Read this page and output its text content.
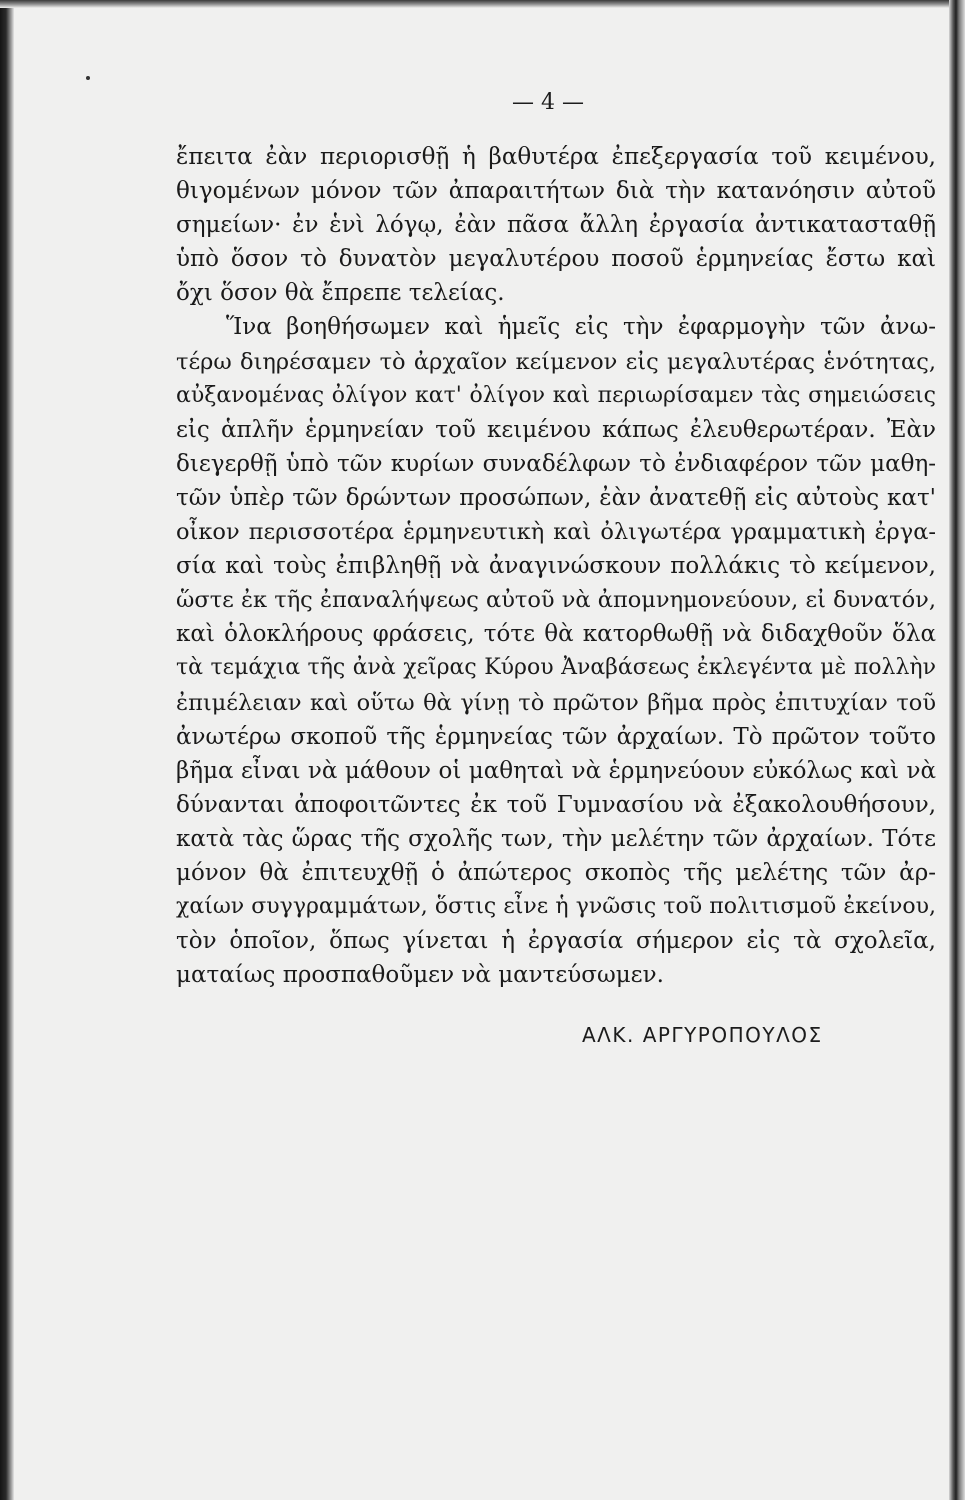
— 4 —
ἔπειτα ἐὰν περιορισθῇ ἡ βαθυτέρα ἐπεξεργασία τοῦ κειμένου,
θιγομένων μόνον τῶν ἀπαραιτήτων διὰ τὴν κατανόησιν αὐτοῦ
σημείων· ἐν ἑνὶ λόγῳ, ἐὰν πᾶσα ἄλλη ἐργασία ἀντικατασταθῇ
ὑπὸ ὅσον τὸ δυνατὸν μεγαλυτέρου ποσοῦ ἑρμηνείας ἔστω καὶ
ὄχι ὅσον θὰ ἔπρεπε τελείας.
Ἵνα βοηθήσωμεν καὶ ἡμεῖς εἰς τὴν ἐφαρμογὴν τῶν ἀνω-
τέρω διηρέσαμεν τὸ ἀρχαῖον κείμενον εἰς μεγαλυτέρας ἑνότητας,
αὐξανομένας ὀλίγον κατ' ὀλίγον καὶ περιωρίσαμεν τὰς σημειώσεις
εἰς ἁπλῆν ἑρμηνείαν τοῦ κειμένου κάπως ἐλευθερωτέραν. Ἐὰν
διεγερθῇ ὑπὸ τῶν κυρίων συναδέλφων τὸ ἐνδιαφέρον τῶν μαθη-
τῶν ὑπὲρ τῶν δρώντων προσώπων, ἐὰν ἀνατεθῇ εἰς αὐτοὺς κατ'
οἶκον περισσοτέρα ἑρμηνευτικὴ καὶ ὀλιγωτέρα γραμματικὴ ἐργα-
σία καὶ τοὺς ἐπιβληθῇ νὰ ἀναγινώσκουν πολλάκις τὸ κείμενον,
ὥστε ἐκ τῆς ἐπαναλήψεως αὐτοῦ νὰ ἀπομνημονεύουν, εἰ δυνατόν,
καὶ ὁλοκλήρους φράσεις, τότε θὰ κατορθωθῇ νὰ διδαχθοῦν ὅλα
τὰ τεμάχια τῆς ἀνὰ χεῖρας Κύρου Ἀναβάσεως ἐκλεγέντα μὲ πολλὴν
ἐπιμέλειαν καὶ οὕτω θὰ γίνῃ τὸ πρῶτον βῆμα πρὸς ἐπιτυχίαν τοῦ
ἀνωτέρω σκοποῦ τῆς ἑρμηνείας τῶν ἀρχαίων. Τὸ πρῶτον τοῦτο
βῆμα εἶναι νὰ μάθουν οἱ μαθηταὶ νὰ ἑρμηνεύουν εὐκόλως καὶ νὰ
δύνανται ἀποφοιτῶντες ἐκ τοῦ Γυμνασίου νὰ ἐξακολουθήσουν,
κατὰ τὰς ὥρας τῆς σχολῆς των, τὴν μελέτην τῶν ἀρχαίων. Τότε
μόνον θὰ ἐπιτευχθῇ ὁ ἀπώτερος σκοπὸς τῆς μελέτης τῶν ἀρ-
χαίων συγγραμμάτων, ὅστις εἶνε ἡ γνῶσις τοῦ πολιτισμοῦ ἐκείνου,
τὸν ὁποῖον, ὅπως γίνεται ἡ ἐργασία σήμερον εἰς τὰ σχολεῖα,
ματαίως προσπαθοῦμεν νὰ μαντεύσωμεν.
ΑΛΚ. ΑΡΓΥΡΟΠΟΥΛΟΣ
